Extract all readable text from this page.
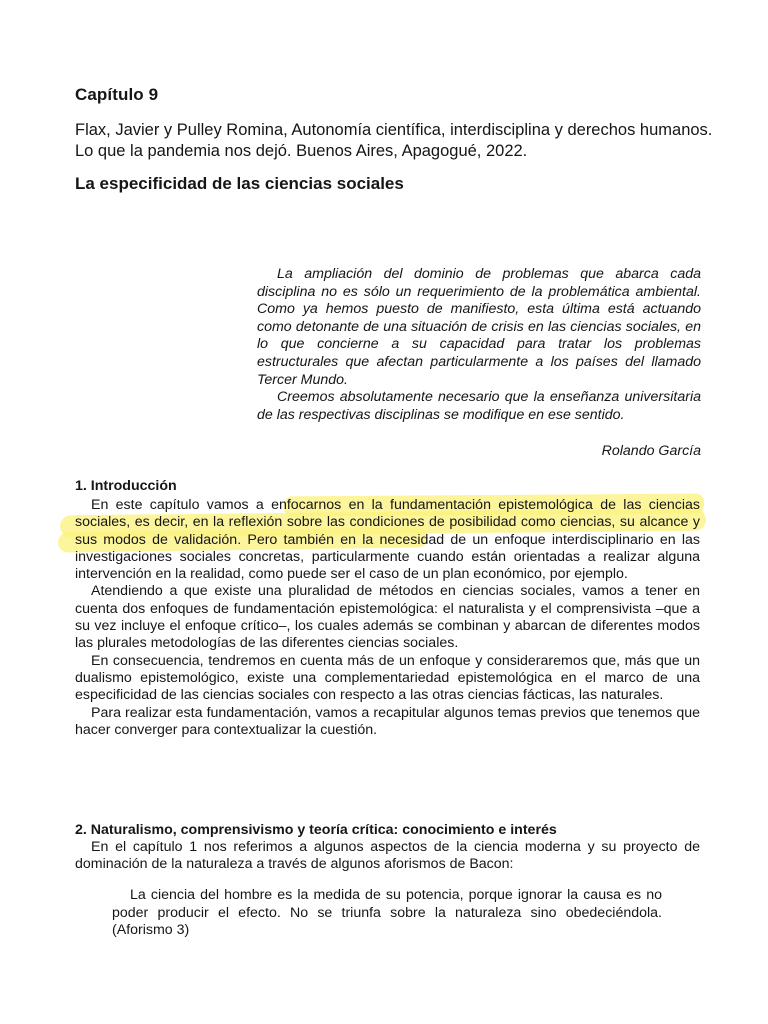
Capítulo 9
Flax, Javier y Pulley Romina, Autonomía científica, interdisciplina y derechos humanos. Lo que la pandemia nos dejó. Buenos Aires, Apagogué, 2022.
La especificidad de las ciencias sociales

La ampliación del dominio de problemas que abarca cada disciplina no es sólo un requerimiento de la problemática ambiental. Como ya hemos puesto de manifiesto, esta última está actuando como detonante de una situación de crisis en las ciencias sociales, en lo que concierne a su capacidad para tratar los problemas estructurales que afectan particularmente a los países del llamado Tercer Mundo.

Creemos absolutamente necesario que la enseñanza universitaria de las respectivas disciplinas se modifique en ese sentido.

Rolando García
1. Introducción

En este capítulo vamos a enfocarnos en la fundamentación epistemológica de las ciencias sociales, es decir, en la reflexión sobre las condiciones de posibilidad como ciencias, su alcance y sus modos de validación. Pero también en la necesidad de un enfoque interdisciplinario en las investigaciones sociales concretas, particularmente cuando están orientadas a realizar alguna intervención en la realidad, como puede ser el caso de un plan económico, por ejemplo.

Atendiendo a que existe una pluralidad de métodos en ciencias sociales, vamos a tener en cuenta dos enfoques de fundamentación epistemológica: el naturalista y el comprensivista –que a su vez incluye el enfoque crítico–, los cuales además se combinan y abarcan de diferentes modos las plurales metodologías de las diferentes ciencias sociales.

En consecuencia, tendremos en cuenta más de un enfoque y consideraremos que, más que un dualismo epistemológico, existe una complementariedad epistemológica en el marco de una especificidad de las ciencias sociales con respecto a las otras ciencias fácticas, las naturales.

Para realizar esta fundamentación, vamos a recapitular algunos temas previos que tenemos que hacer converger para contextualizar la cuestión.

2. Naturalismo, comprensivismo y teoría crítica: conocimiento e interés

En el capítulo 1 nos referimos a algunos aspectos de la ciencia moderna y su proyecto de dominación de la naturaleza a través de algunos aforismos de Bacon:

La ciencia del hombre es la medida de su potencia, porque ignorar la causa es no poder producir el efecto. No se triunfa sobre la naturaleza sino obedeciéndola. (Aforismo 3)
